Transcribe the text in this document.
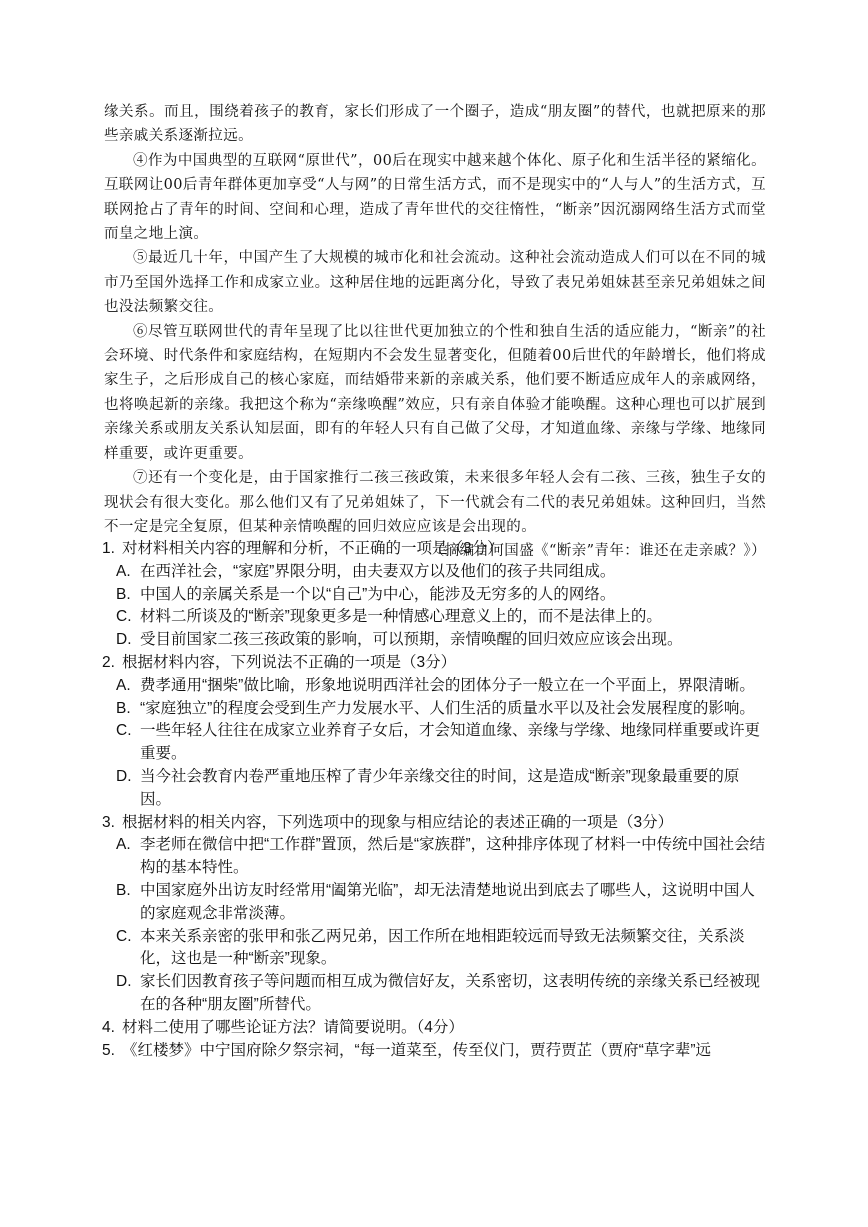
缘关系。而且，围绕着孩子的教育，家长们形成了一个圈子，造成“朋友圈”的替代，也就把原来的那些亲戚关系逐渐拉远。

④作为中国典型的互联网“原世代”，00后在现实中越来越个体化、原子化和生活半径的紧缩化。互联网让00后青年群体更加享受“人与网”的日常生活方式，而不是现实中的“人与人”的生活方式，互联网抢占了青年的时间、空间和心理，造成了青年世代的交往惰性，“断亲”因沉溺网络生活方式而堂而皇之地上演。

⑤最近几十年，中国产生了大规模的城市化和社会流动。这种社会流动造成人们可以在不同的城市乃至国外选择工作和成家立业。这种居住地的远距离分化，导致了表兄弟姐妹甚至亲兄弟姐妹之间也没法频繁交往。

⑥尽管互联网世代的青年呈现了比以往世代更加独立的个性和独自生活的适应能力，“断亲”的社会环境、时代条件和家庭结构，在短期内不会发生显著变化，但随着00后世代的年龄增长，他们将成家生子，之后形成自己的核心家庭，而结婚带来新的亲戚关系，他们要不断适应成年人的亲戚网络，也将唤起新的亲缘。我把这个称为“亲缘唤醒”效应，只有亲自体验才能唤醒。这种心理也可以扩展到亲缘关系或朋友关系认知层面，即有的年轻人只有自己做了父母，才知道血缘、亲缘与学缘、地缘同样重要，或许更重要。

⑦还有一个变化是，由于国家推行二孩三孩政策，未来很多年轻人会有二孩、三孩，独生子女的现状会有很大变化。那么他们又有了兄弟姐妹了，下一代就会有二代的表兄弟姐妹。这种回归，当然不一定是完全复原，但某种亲情唤醒的回归效应应该是会出现的。

（摘编自何国盛《“断亲”青年：谁还在走亲戚？》）

1. 对材料相关内容的理解和分析，不正确的一项是（3分）
A. 在西洋社会，“家庭”界限分明，由夫妻双方以及他们的孩子共同组成。
B. 中国人的亲属关系是一个以“自己”为中心，能涉及无穷多的人的网络。
C. 材料二所谈及的“断亲”现象更多是一种情感心理意义上的，而不是法律上的。
D. 受目前国家二孩三孩政策的影响，可以预期，亲情唤醒的回归效应应该会出现。
2. 根据材料内容，下列说法不正确的一项是（3分）
A. 费孝通用“捆柴”做比喻，形象地说明西洋社会的团体分子一般立在一个平面上，界限清晰。
B. “家庭独立”的程度会受到生产力发展水平、人们生活的质量水平以及社会发展程度的影响。
C. 一些年轻人往往在成家立业养育子女后，才会知道血缘、亲缘与学缘、地缘同样重要或许更重要。
D. 当今社会教育内卷严重地压榨了青少年亲缘交往的时间，这是造成“断亲”现象最重要的原因。
3. 根据材料的相关内容，下列选项中的现象与相应结论的表述正确的一项是（3分）
A. 李老师在微信中把“工作群”置顶，然后是“家族群”，这种排序体现了材料一中传统中国社会结构的基本特性。
B. 中国家庭外出访友时经常用“阖第光临”，却无法清楚地说出到底去了哪些人，这说明中国人的家庭观念非常淡薄。
C. 本来关系亲密的张甲和张乙两兄弟，因工作所在地相距较远而导致无法频繁交往，关系淡化，这也是一种“断亲”现象。
D. 家长们因教育孩子等问题而相互成为微信好友，关系密切，这表明传统的亲缘关系已经被现在的各种“朋友圈”所替代。
4. 材料二使用了哪些论证方法？请简要说明。（4分）
5. 《红楼梦》中宁国府除夕祭宗祠，“每一道菜至，传至仪门，贾荇贾芷（贾府“草字辈”远
